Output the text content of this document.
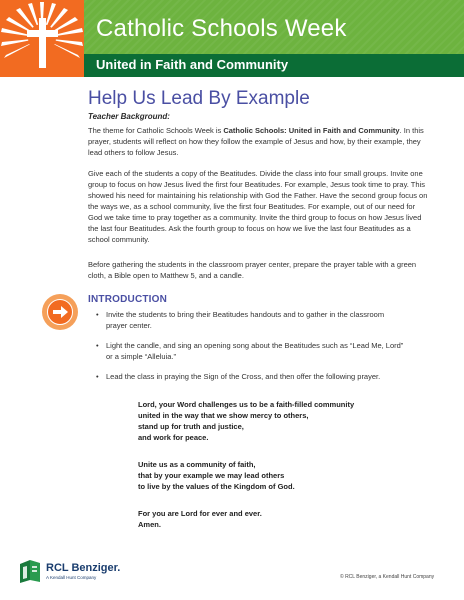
Catholic Schools Week
United in Faith and Community
Help Us Lead By Example
Teacher Background:

The theme for Catholic Schools Week is Catholic Schools: United in Faith and Community. In this prayer, students will reflect on how they follow the example of Jesus and how, by their example, they lead others to follow Jesus.

Give each of the students a copy of the Beatitudes. Divide the class into four small groups. Invite one group to focus on how Jesus lived the first four Beatitudes. For example, Jesus took time to pray. This showed his need for maintaining his relationship with God the Father. Have the second group focus on the ways we, as a school community, live the first four Beatitudes. For example, out of our need for God we take time to pray together as a community. Invite the third group to focus on how Jesus lived the last four Beatitudes. Ask the fourth group to focus on how we live the last four Beatitudes as a school community.

Before gathering the students in the classroom prayer center, prepare the prayer table with a green cloth, a Bible open to Matthew 5, and a candle.

INTRODUCTION
• Invite the students to bring their Beatitudes handouts and to gather in the classroom prayer center.
• Light the candle, and sing an opening song about the Beatitudes such as “Lead Me, Lord” or a simple “Alleluia.”
• Lead the class in praying the Sign of the Cross, and then offer the following prayer.
Lord, your Word challenges us to be a faith-filled community
united in the way that we show mercy to others,
stand up for truth and justice,
and work for peace.
Unite us as a community of faith,
that by your example we may lead others
to live by the values of the Kingdom of God.
For you are Lord for ever and ever.
Amen.
RCL Benziger.
A Kendall Hunt Company	© RCL Benziger, a Kendall Hunt Company
